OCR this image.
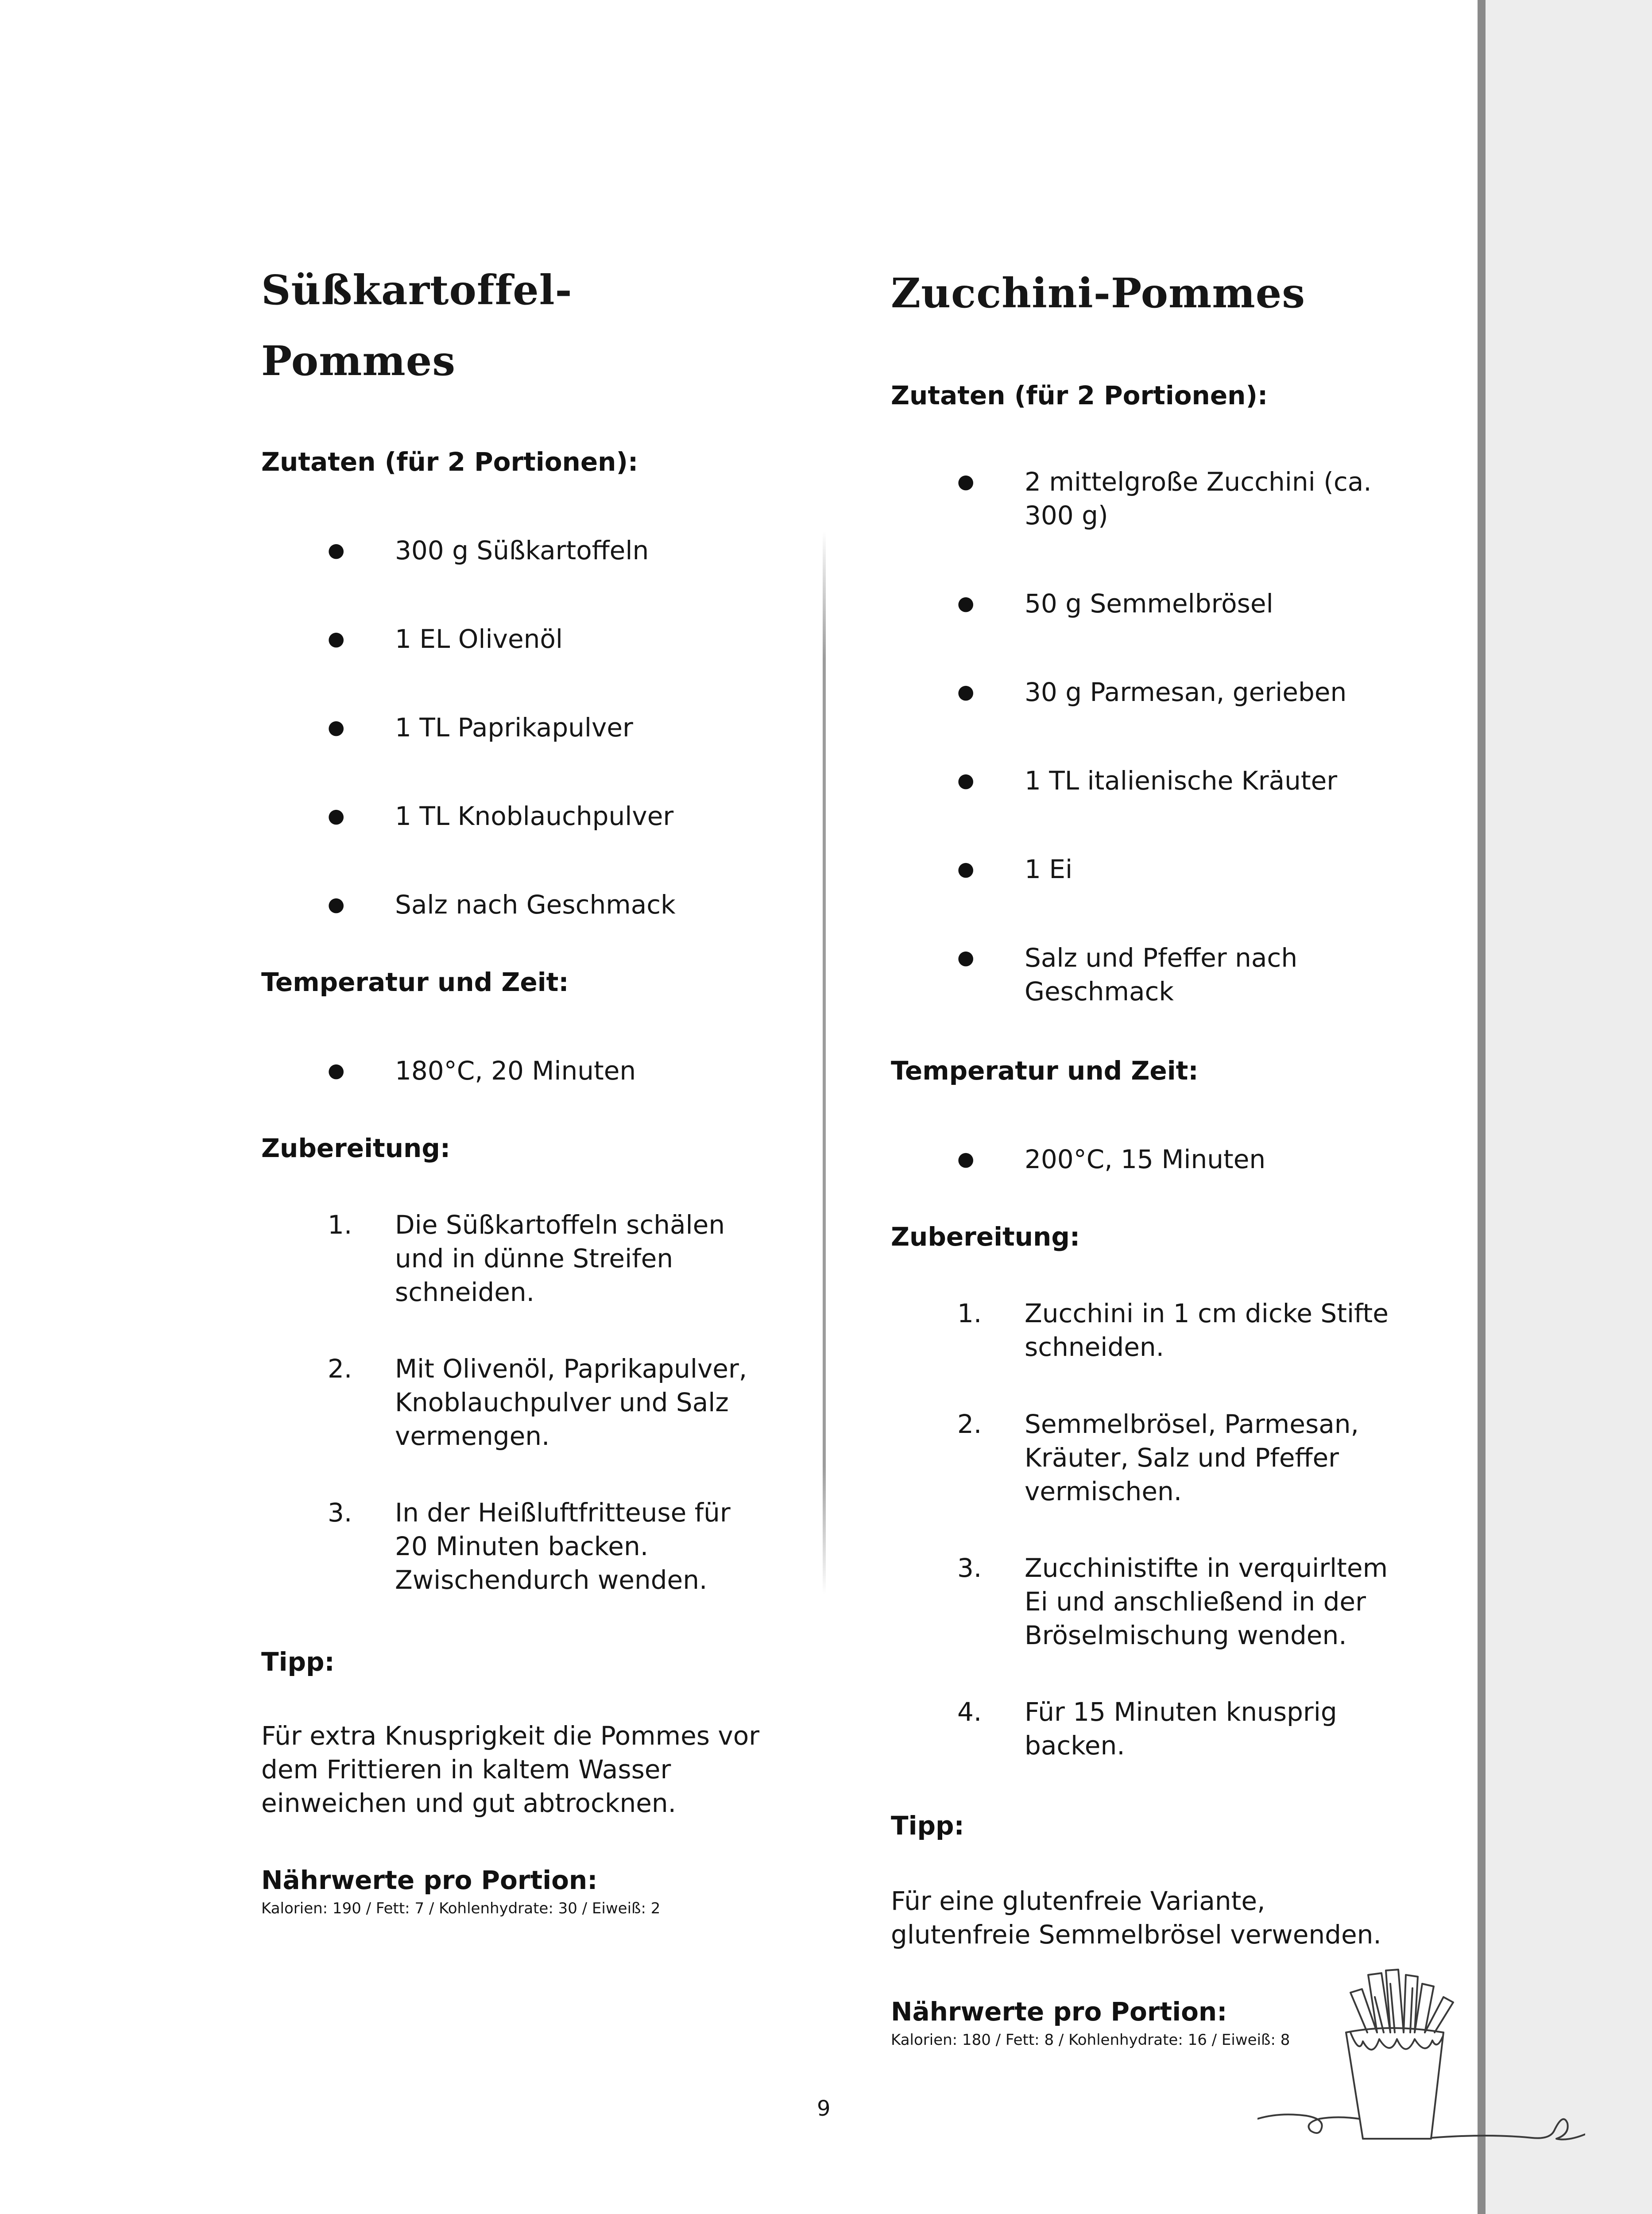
Süßkartoffel-
Pommes
Zutaten (für 2 Portionen):
● 300 g Süßkartoffeln
● 1 EL Olivenöl
● 1 TL Paprikapulver
● 1 TL Knoblauchpulver
● Salz nach Geschmack
Temperatur und Zeit:
● 180°C, 20 Minuten
Zubereitung:
1. Die Süßkartoffeln schälen
und in dünne Streifen
schneiden.
2. Mit Olivenöl, Paprikapulver,
Knoblauchpulver und Salz
vermengen.
3. In der Heißluftfritteuse für
20 Minuten backen.
Zwischendurch wenden.
Tipp:
Für extra Knusprigkeit die Pommes vor
dem Frittieren in kaltem Wasser
einweichen und gut abtrocknen.
Nährwerte pro Portion:
Kalorien: 190 / Fett: 7 / Kohlenhydrate: 30 / Eiweiß: 2
Zucchini-Pommes
Zutaten (für 2 Portionen):
● 2 mittelgroße Zucchini (ca.
300 g)
● 50 g Semmelbrösel
● 30 g Parmesan, gerieben
● 1 TL italienische Kräuter
● 1 Ei
● Salz und Pfeffer nach
Geschmack
Temperatur und Zeit:
● 200°C, 15 Minuten
Zubereitung:
1. Zucchini in 1 cm dicke Stifte
schneiden.
2. Semmelbrösel, Parmesan,
Kräuter, Salz und Pfeffer
vermischen.
3. Zucchinistifte in verquirltem
Ei und anschließend in der
Bröselmischung wenden.
4. Für 15 Minuten knusprig
backen.
Tipp:
Für eine glutenfreie Variante,
glutenfreie Semmelbrösel verwenden.
Nährwerte pro Portion:
Kalorien: 180 / Fett: 8 / Kohlenhydrate: 16 / Eiweiß: 8
9
